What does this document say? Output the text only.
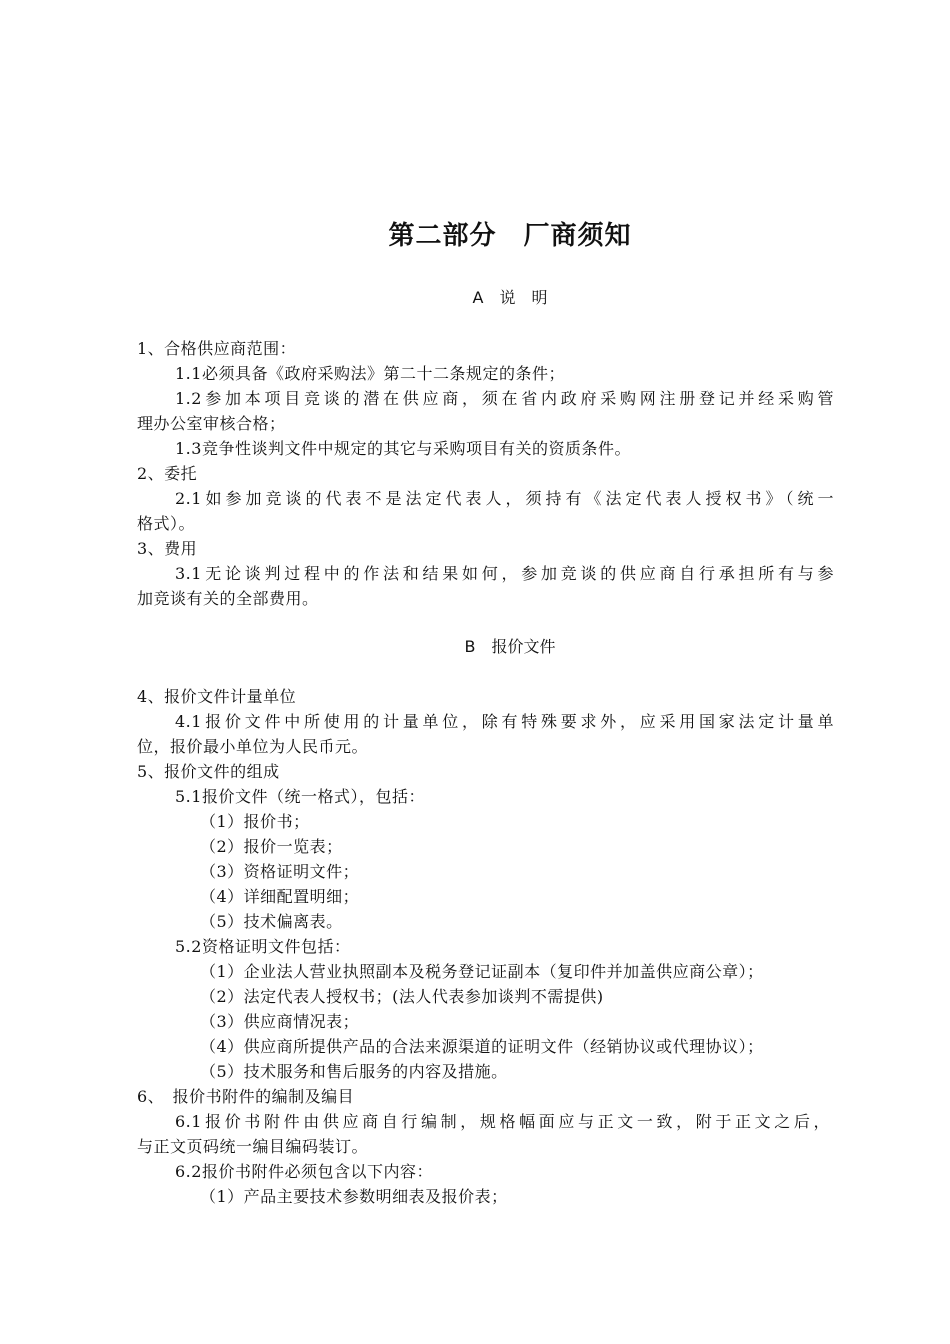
第二部分　厂商须知
A　说　明
1、合格供应商范围：
1.1必须具备《政府采购法》第二十二条规定的条件；
1.2参加本项目竞谈的潜在供应商，须在省内政府采购网注册登记并经采购管
理办公室审核合格；
1.3竞争性谈判文件中规定的其它与采购项目有关的资质条件。
2、委托
2.1如参加竞谈的代表不是法定代表人，须持有《法定代表人授权书》（统一
格式）。
3、费用
3.1无论谈判过程中的作法和结果如何，参加竞谈的供应商自行承担所有与参
加竞谈有关的全部费用。
B　报价文件
4、报价文件计量单位
4.1报价文件中所使用的计量单位，除有特殊要求外，应采用国家法定计量单
位，报价最小单位为人民币元。
5、报价文件的组成
5.1报价文件（统一格式），包括：
（1）报价书；
（2）报价一览表；
（3）资格证明文件；
（4）详细配置明细；
（5）技术偏离表。
5.2资格证明文件包括：
（1）企业法人营业执照副本及税务登记证副本（复印件并加盖供应商公章）；
（2）法定代表人授权书；(法人代表参加谈判不需提供)
（3）供应商情况表；
（4）供应商所提供产品的合法来源渠道的证明文件（经销协议或代理协议）；
（5）技术服务和售后服务的内容及措施。
6、　报价书附件的编制及编目
6.1报价书附件由供应商自行编制，规格幅面应与正文一致，附于正文之后，
与正文页码统一编目编码装订。
6.2报价书附件必须包含以下内容：
（1）产品主要技术参数明细表及报价表；
